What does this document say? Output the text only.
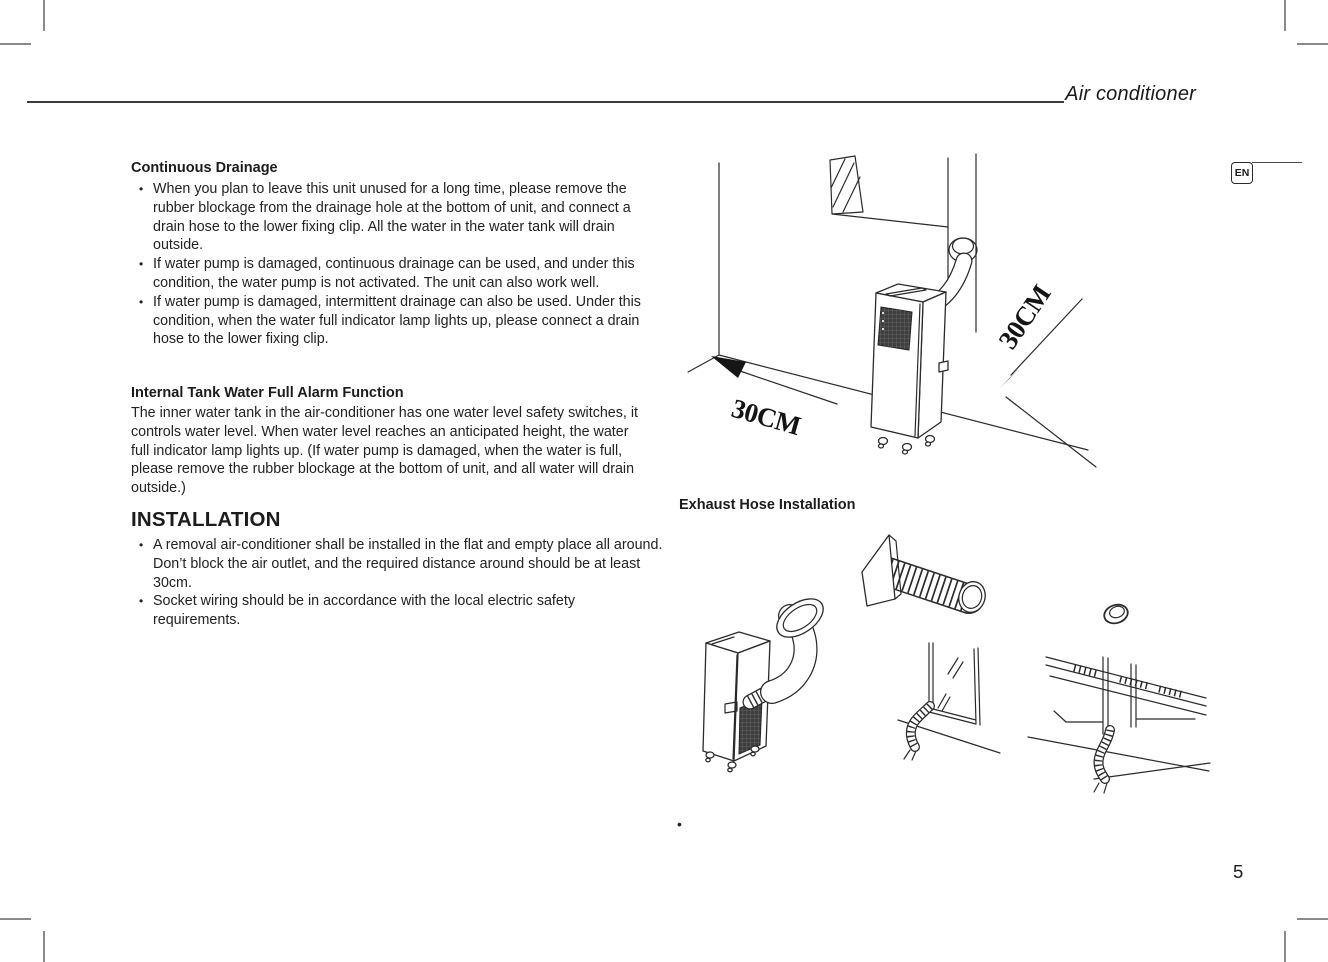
Air conditioner
EN
Continuous Drainage
• When you plan to leave this unit unused for a long time, please remove the rubber blockage from the drainage hole at the bottom of unit, and connect a drain hose to the lower fixing clip. All the water in the water tank will drain outside.
• If water pump is damaged, continuous drainage can be used, and under this condition, the water pump is not activated. The unit can also work well.
• If water pump is damaged, intermittent drainage can also be used. Under this condition, when the water full indicator lamp lights up, please connect a drain hose to the lower fixing clip.
Internal Tank Water Full Alarm Function

The inner water tank in the air-conditioner has one water level safety switches, it controls water level. When water level reaches an anticipated height, the water full indicator lamp lights up. (If water pump is damaged, when the water is full, please remove the rubber blockage at the bottom of unit, and all water will drain outside.)

INSTALLATION
• A removal air-conditioner shall be installed in the flat and empty place all around. Don’t block the air outlet, and the required distance around should be at least 30cm.
• Socket wiring should be in accordance with the local electric safety requirements.
30CM
30CM
Exhaust Hose Installation
•
5
